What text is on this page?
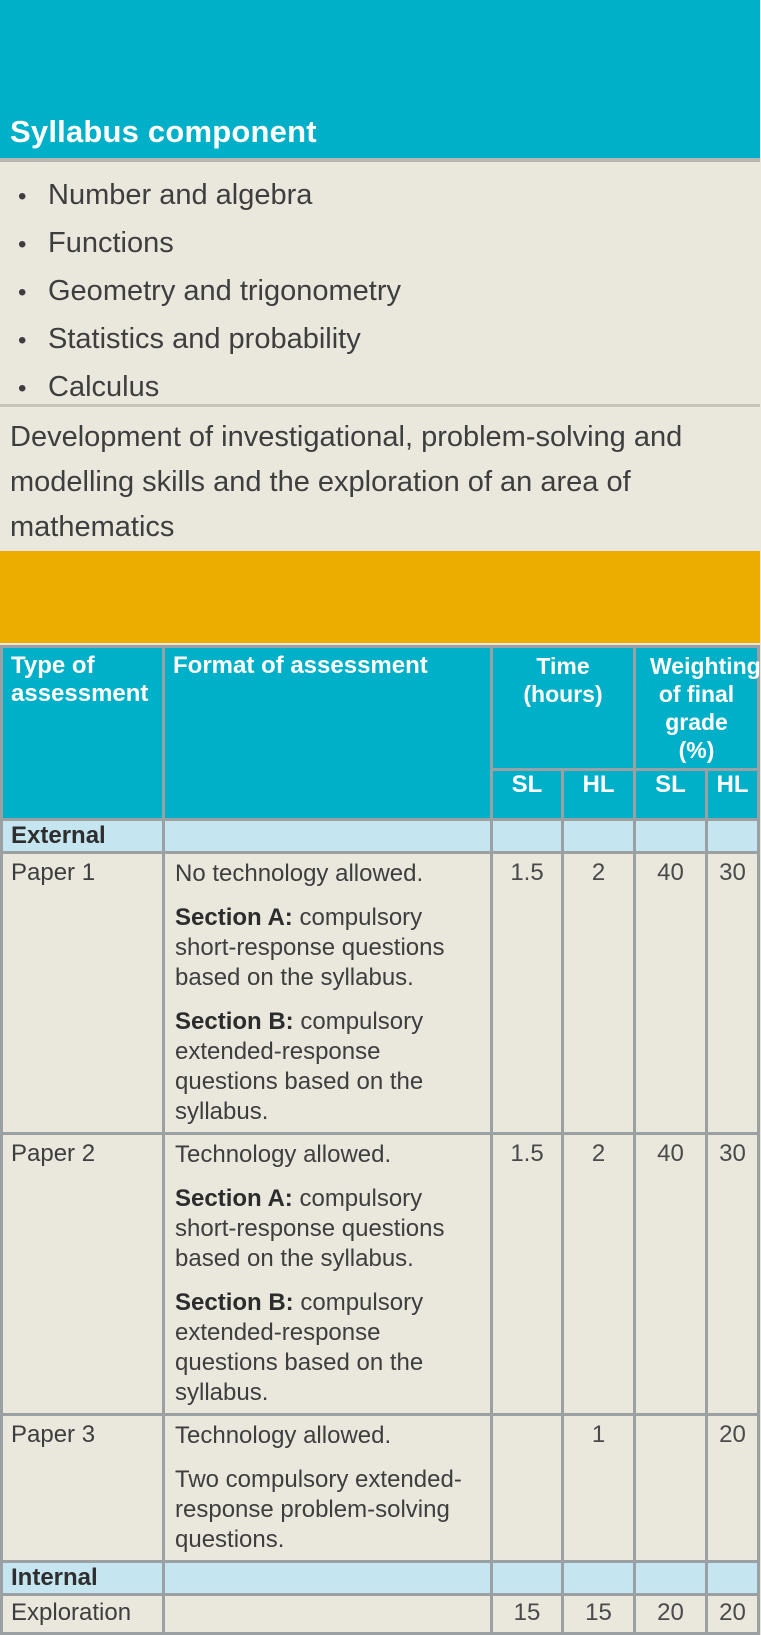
Syllabus component
• Number and algebra
• Functions
• Geometry and trigonometry
• Statistics and probability
• Calculus
Development of investigational, problem-solving and modelling skills and the exploration of an area of mathematics
Type of assessment	Format of assessment	Time (hours)		Weighting of final grade (%)	
		SL	HL	SL	HL
External					
Paper 1	No technology allowed.

Section A: compulsory short-response questions based on the syllabus.

Section B: compulsory extended-response questions based on the syllabus.	1.5	2	40	30
Paper 2	Technology allowed.

Section A: compulsory short-response questions based on the syllabus.

Section B: compulsory extended-response questions based on the syllabus.	1.5	2	40	30
Paper 3	Technology allowed.

Two compulsory extended-response problem-solving questions.		1		20
Internal					
Exploration		15	15	20	20
